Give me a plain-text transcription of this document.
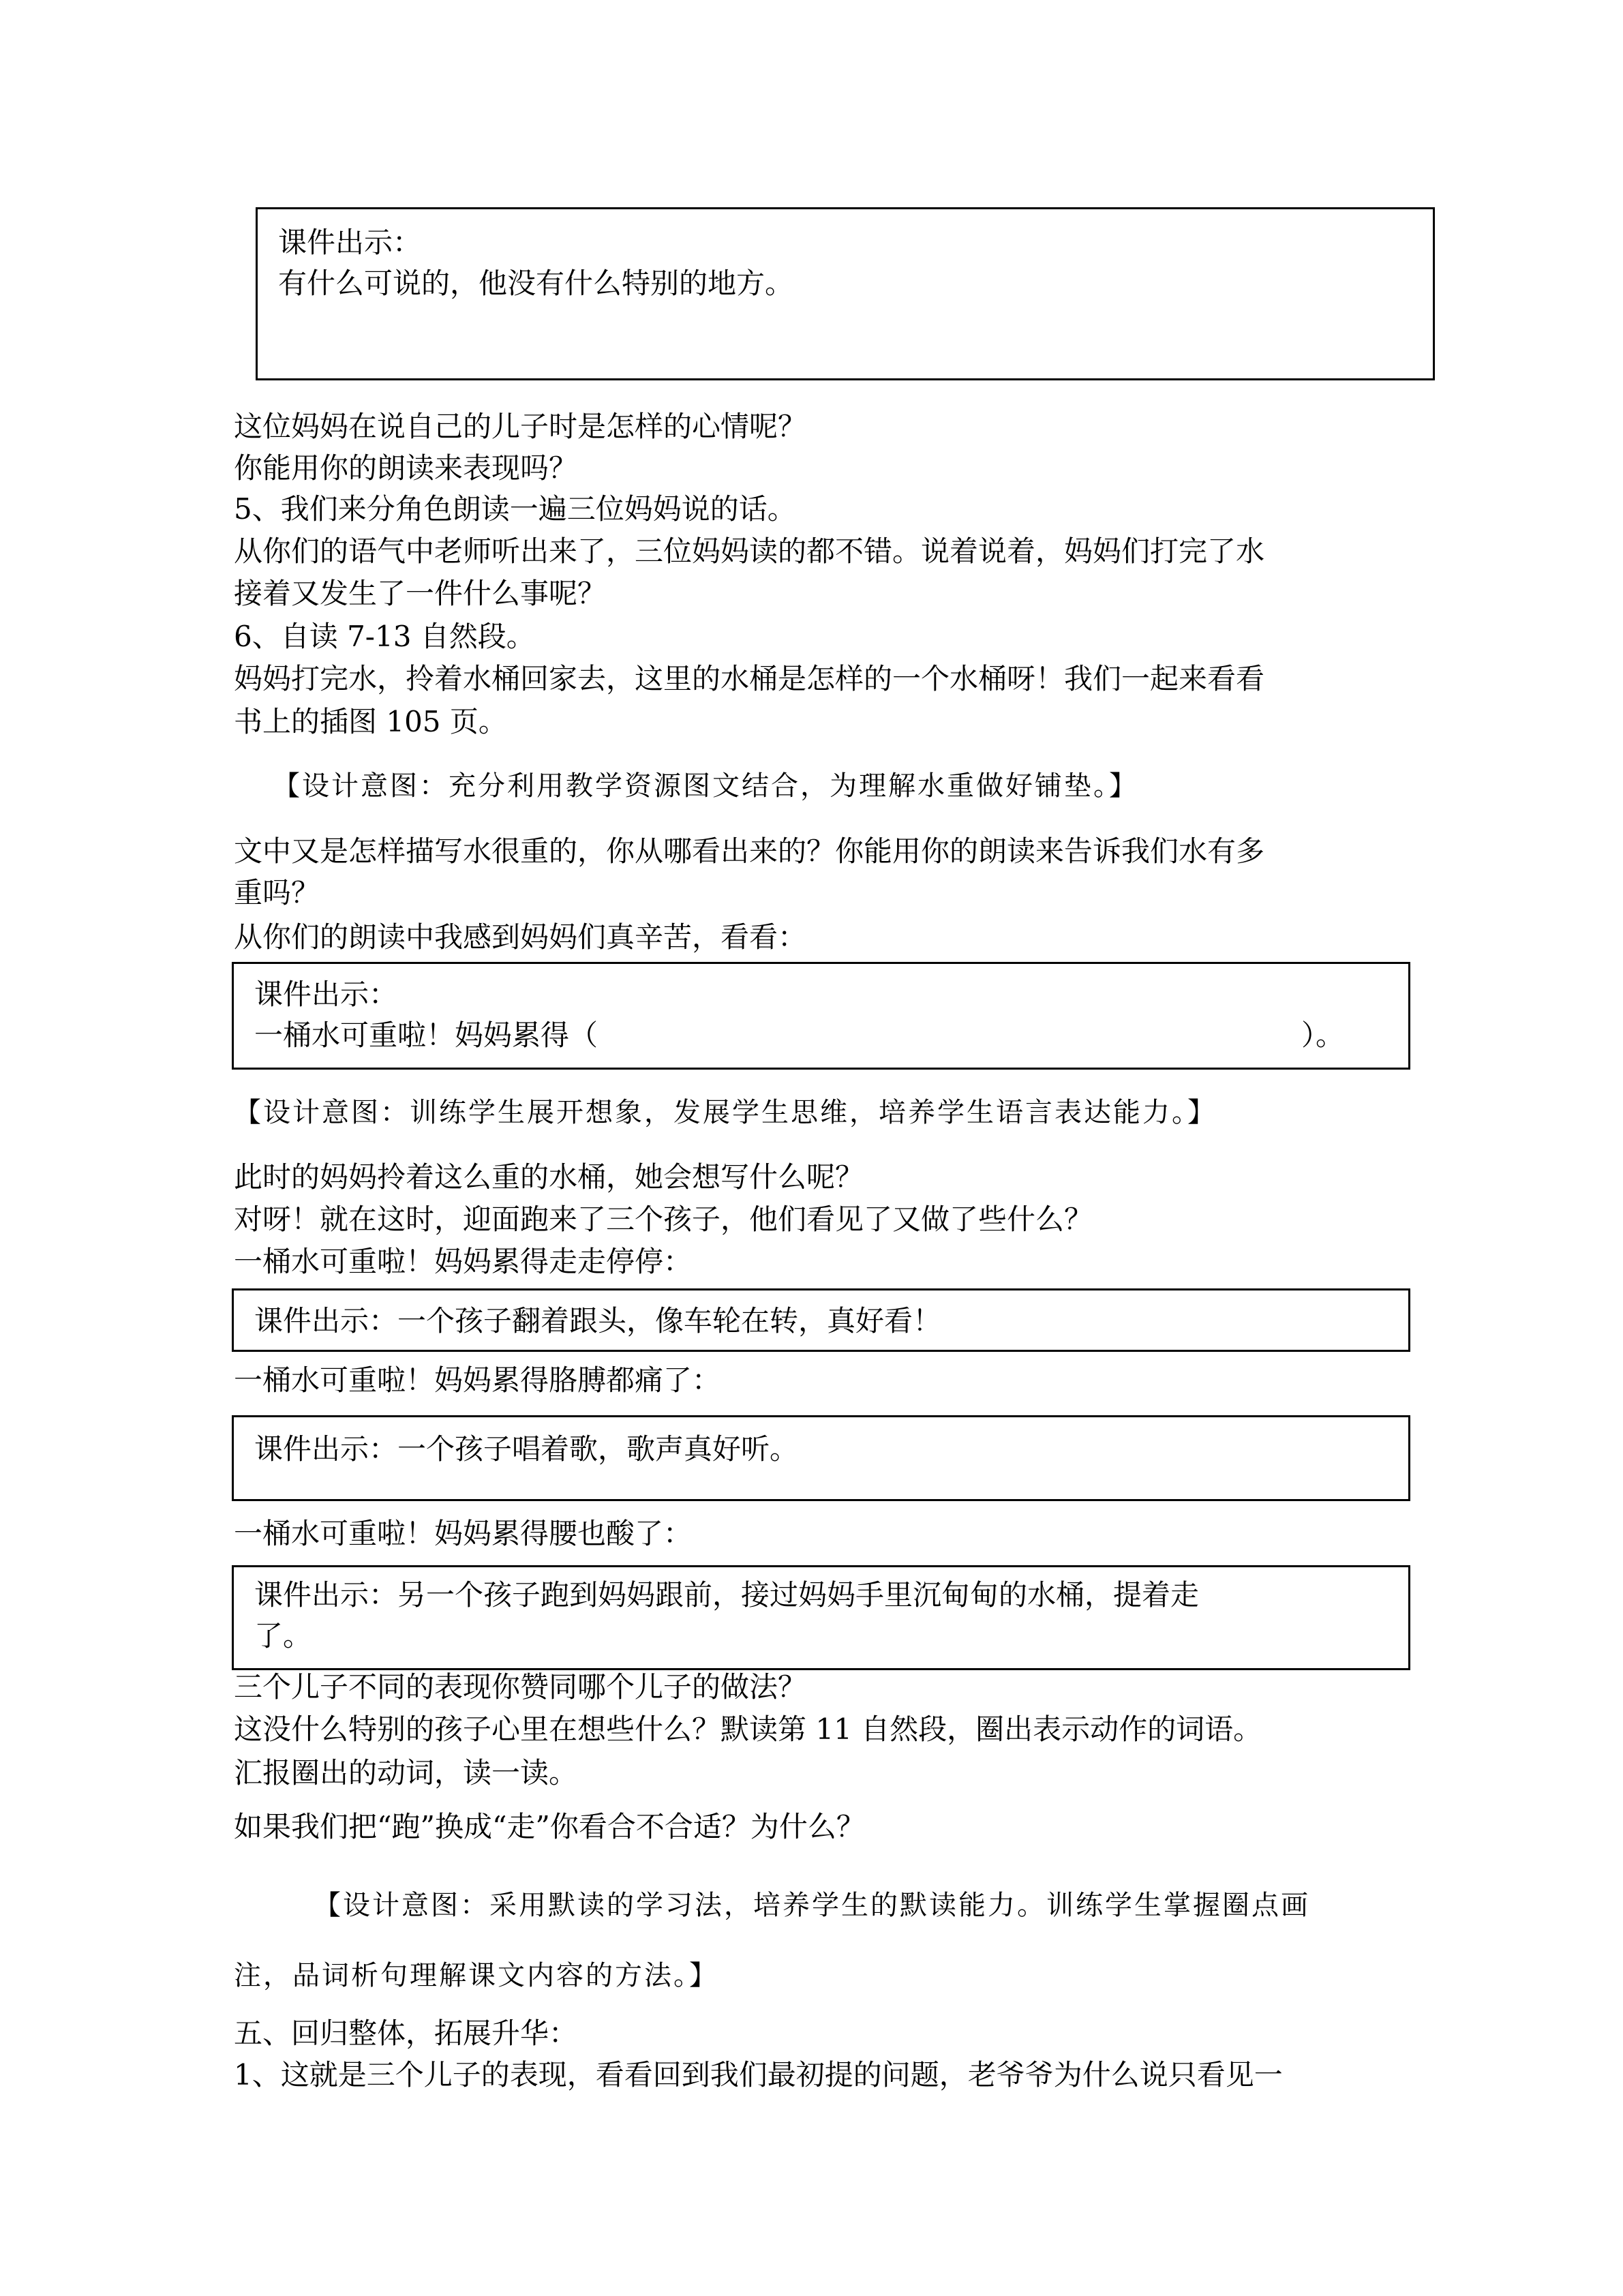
课件出示：
有什么可说的，他没有什么特别的地方。
这位妈妈在说自己的儿子时是怎样的心情呢？
你能用你的朗读来表现吗？
5、我们来分角色朗读一遍三位妈妈说的话。
从你们的语气中老师听出来了，三位妈妈读的都不错。说着说着，妈妈们打完了水
接着又发生了一件什么事呢？
6、自读 7-13 自然段。
妈妈打完水，拎着水桶回家去，这里的水桶是怎样的一个水桶呀！我们一起来看看
书上的插图 105 页。
【设计意图：充分利用教学资源图文结合，为理解水重做好铺垫。】
文中又是怎样描写水很重的，你从哪看出来的？你能用你的朗读来告诉我们水有多
重吗？
从你们的朗读中我感到妈妈们真辛苦，看看：
课件出示：
一桶水可重啦！妈妈累得（	）。
【设计意图：训练学生展开想象，发展学生思维，培养学生语言表达能力。】
此时的妈妈拎着这么重的水桶，她会想写什么呢？
对呀！就在这时，迎面跑来了三个孩子，他们看见了又做了些什么？
一桶水可重啦！妈妈累得走走停停：
课件出示：一个孩子翻着跟头，像车轮在转，真好看！
一桶水可重啦！妈妈累得胳膊都痛了：
课件出示：一个孩子唱着歌，歌声真好听。
一桶水可重啦！妈妈累得腰也酸了：
课件出示：另一个孩子跑到妈妈跟前，接过妈妈手里沉甸甸的水桶，提着走
了。
三个儿子不同的表现你赞同哪个儿子的做法？
这没什么特别的孩子心里在想些什么？默读第 11 自然段，圈出表示动作的词语。
汇报圈出的动词，读一读。
如果我们把“跑”换成“走”你看合不合适？为什么？
【设计意图：采用默读的学习法，培养学生的默读能力。训练学生掌握圈点画
注，品词析句理解课文内容的方法。】
五、回归整体，拓展升华：
1、这就是三个儿子的表现，看看回到我们最初提的问题，老爷爷为什么说只看见一
